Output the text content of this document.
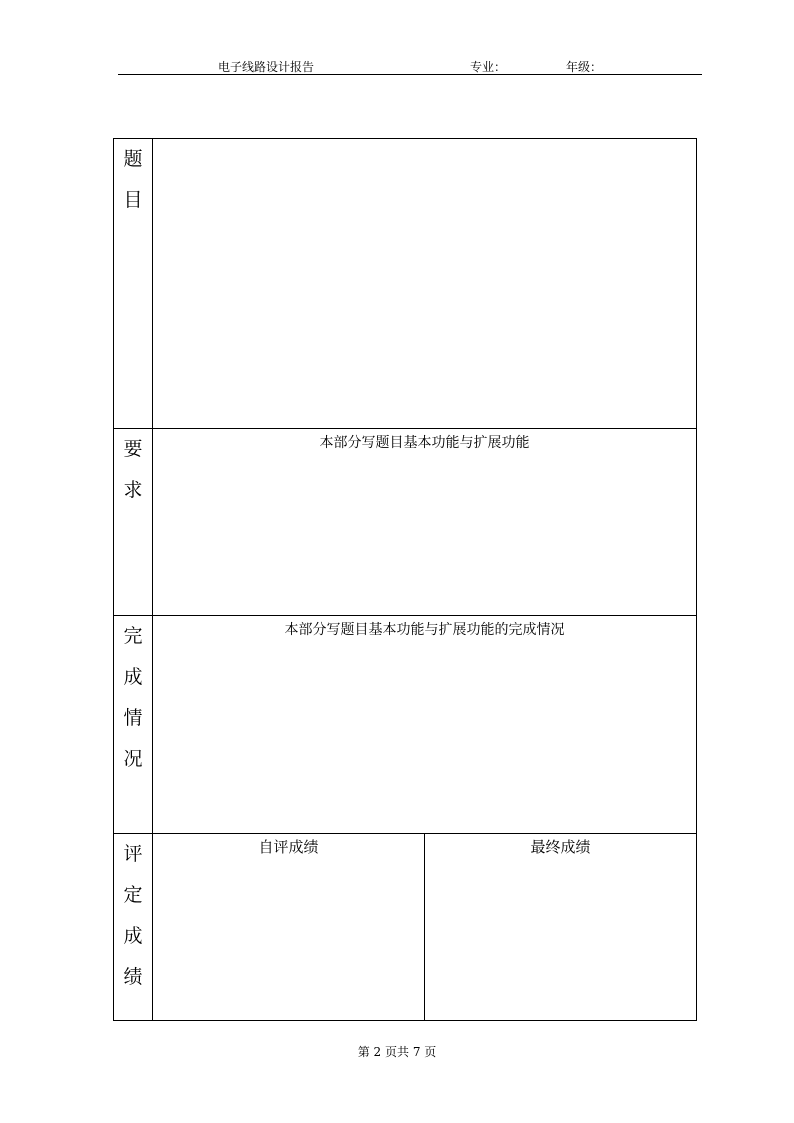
电子线路设计报告	专业：	年级：
题
目		

要
求	本部分写题目基本功能与扩展功能	

完
成
情
况	本部分写题目基本功能与扩展功能的完成情况	

评
定
成
绩	自评成绩	最终成绩
第 2 页共 7 页
